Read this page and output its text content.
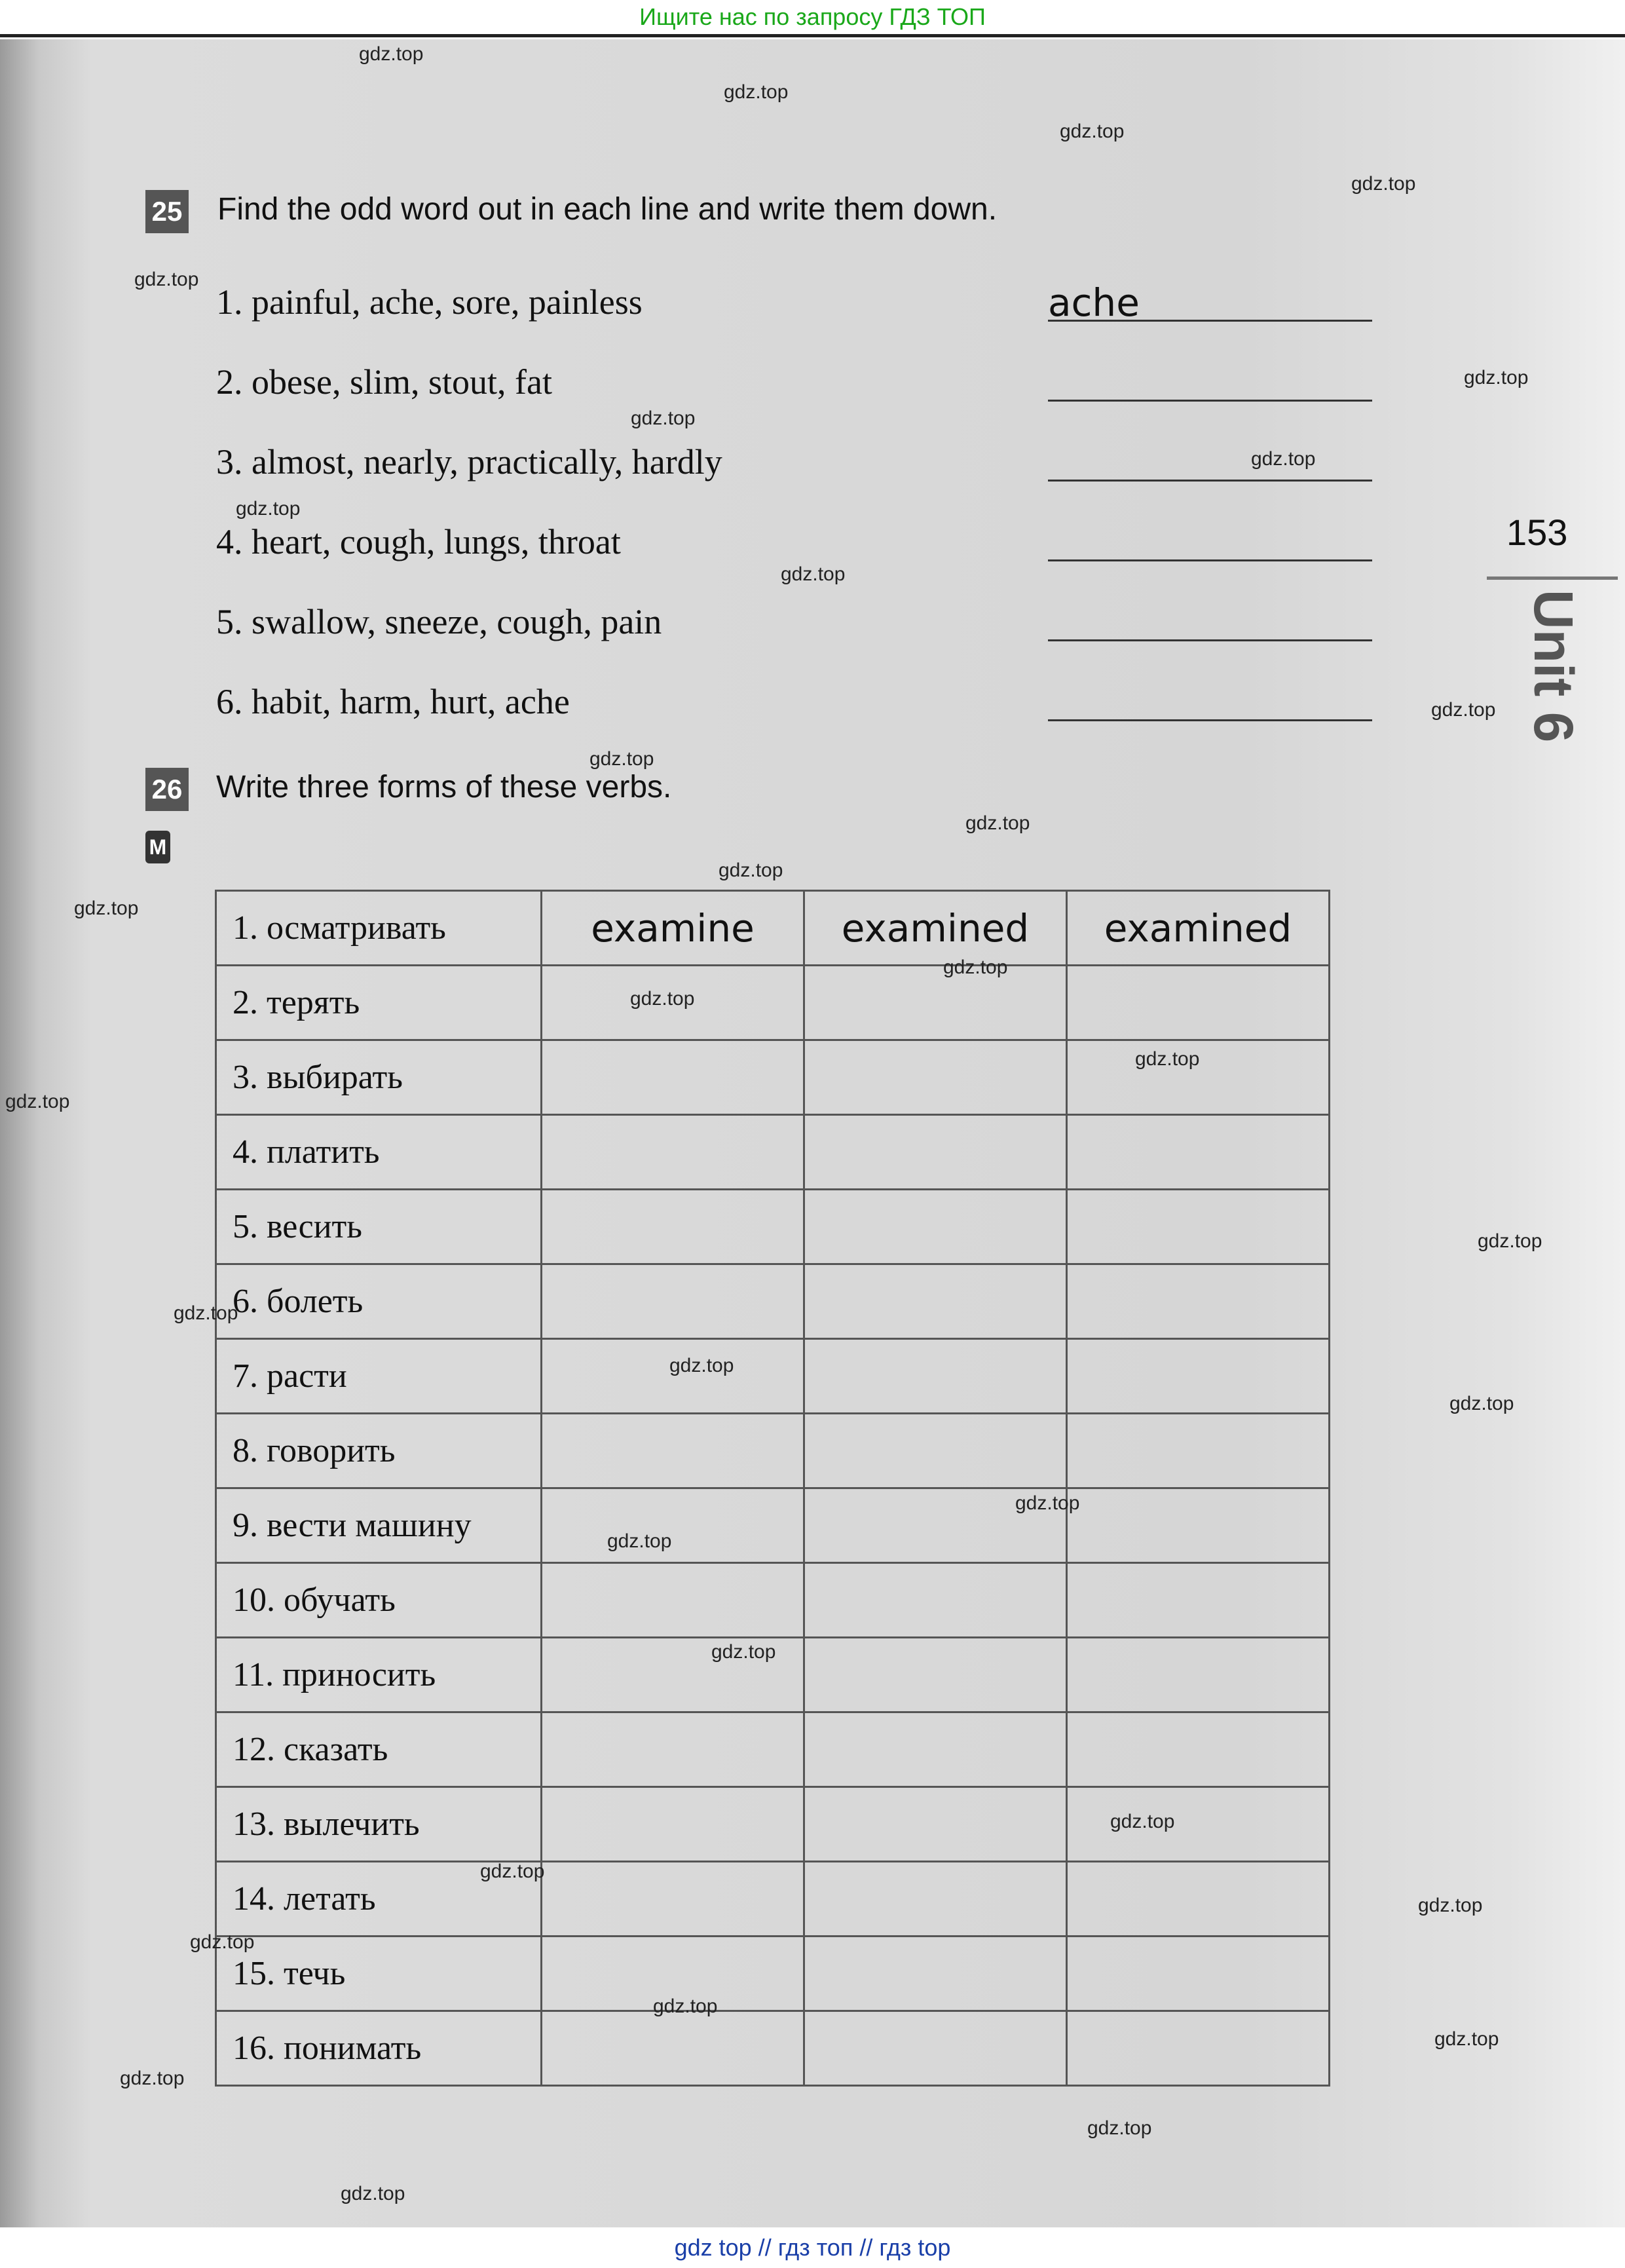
Ищите нас по запросу ГДЗ ТОП
153
Unit 6
25 Find the odd word out in each line and write them down.
1. painful, ache, sore, painless	ache
2. obese, slim, stout, fat
3. almost, nearly, practically, hardly
4. heart, cough, lungs, throat
5. swallow, sneeze, cough, pain
6. habit, harm, hurt, ache
26 Write three forms of these verbs.
M
1. осматривать	examine	examined	examined
2. терять			
3. выбирать			
4. платить			
5. весить			
6. болеть			
7. расти			
8. говорить			
9. вести машину			
10. обучать			
11. приносить			
12. сказать			
13. вылечить			
14. летать			
15. течь			
16. понимать			
gdz.top
gdz.top
gdz.top
gdz.top
gdz.top
gdz.top
gdz.top
gdz.top
gdz.top
gdz.top
gdz.top
gdz.top
gdz.top
gdz.top
gdz.top
gdz.top
gdz.top
gdz.top
gdz.top
gdz.top
gdz.top
gdz.top
gdz.top
gdz.top
gdz.top
gdz.top
gdz.top
gdz.top
gdz.top
gdz.top
gdz.top
gdz.top
gdz.top
gdz.top
gdz.top
gdz top // гдз топ // гдз top
